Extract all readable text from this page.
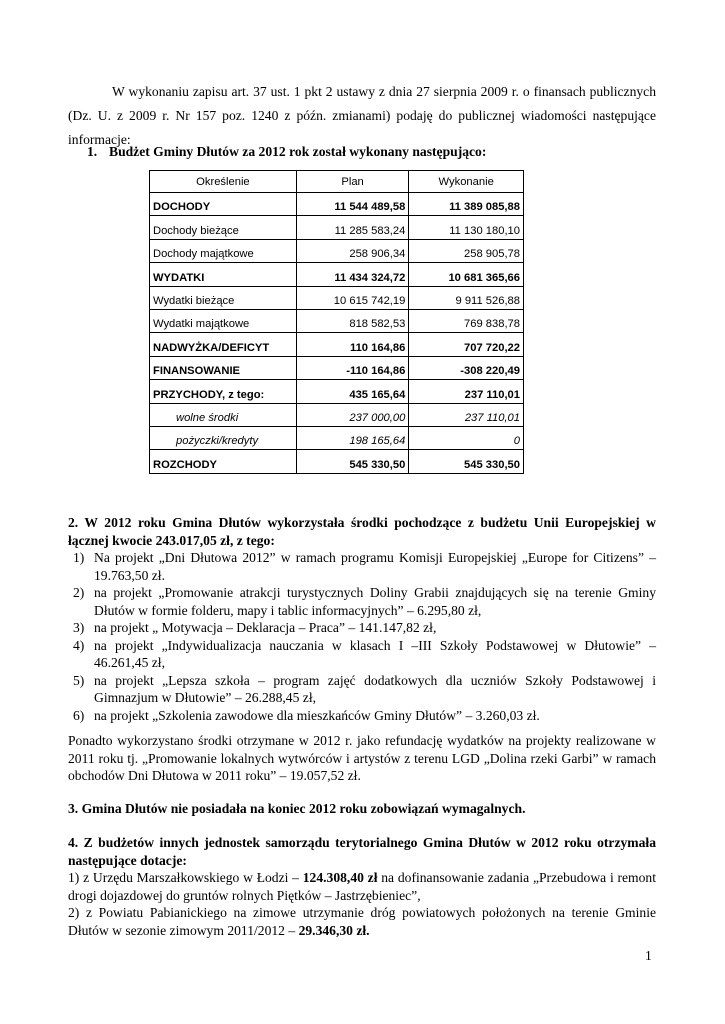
W wykonaniu zapisu art. 37 ust. 1 pkt 2 ustawy z dnia 27 sierpnia 2009 r. o finansach publicznych (Dz. U. z 2009 r. Nr 157 poz. 1240 z późn. zmianami) podaję do publicznej wiadomości następujące informacje:

1. Budżet Gminy Dłutów za 2012 rok został wykonany następująco:
Określenie	Plan	Wykonanie
DOCHODY	11 544 489,58	11 389 085,88
Dochody bieżące	11 285 583,24	11 130 180,10
Dochody majątkowe	258 906,34	258 905,78
WYDATKI	11 434 324,72	10 681 365,66
Wydatki bieżące	10 615 742,19	9 911 526,88
Wydatki majątkowe	818 582,53	769 838,78
NADWYŻKA/DEFICYT	110 164,86	707 720,22
FINANSOWANIE	-110 164,86	-308 220,49
PRZYCHODY, z tego:	435 165,64	237 110,01
wolne środki	237 000,00	237 110,01
pożyczki/kredyty	198 165,64	0
ROZCHODY	545 330,50	545 330,50
2. W 2012 roku Gmina Dłutów wykorzystała środki pochodzące z budżetu Unii Europejskiej w łącznej kwocie 243.017,05 zł, z tego:
1) Na projekt „Dni Dłutowa 2012” w ramach programu Komisji Europejskiej „Europe for Citizens” – 19.763,50 zł.
2) na projekt „Promowanie atrakcji turystycznych Doliny Grabii znajdujących się na terenie Gminy Dłutów w formie folderu, mapy i tablic informacyjnych” – 6.295,80 zł,
3) na projekt „ Motywacja – Deklaracja – Praca” – 141.147,82 zł,
4) na projekt „Indywidualizacja nauczania w klasach I –III Szkoły Podstawowej w Dłutowie” – 46.261,45 zł,
5) na projekt „Lepsza szkoła – program zajęć dodatkowych dla uczniów Szkoły Podstawowej i Gimnazjum w Dłutowie” – 26.288,45 zł,
6) na projekt „Szkolenia zawodowe dla mieszkańców Gminy Dłutów” – 3.260,03 zł.
Ponadto wykorzystano środki otrzymane w 2012 r. jako refundację wydatków na projekty realizowane w 2011 roku tj. „Promowanie lokalnych wytwórców i artystów z terenu LGD „Dolina rzeki Garbi” w ramach obchodów Dni Dłutowa w 2011 roku” – 19.057,52 zł.
3. Gmina Dłutów nie posiadała na koniec 2012 roku zobowiązań wymagalnych.
4. Z budżetów innych jednostek samorządu terytorialnego Gmina Dłutów w 2012 roku otrzymała następujące dotacje:
1) z Urzędu Marszałkowskiego w Łodzi – 124.308,40 zł na dofinansowanie zadania „Przebudowa i remont drogi dojazdowej do gruntów rolnych Piętków – Jastrzębieniec”,
2) z Powiatu Pabianickiego na zimowe utrzymanie dróg powiatowych położonych na terenie Gminie Dłutów w sezonie zimowym 2011/2012 – 29.346,30 zł.
1
